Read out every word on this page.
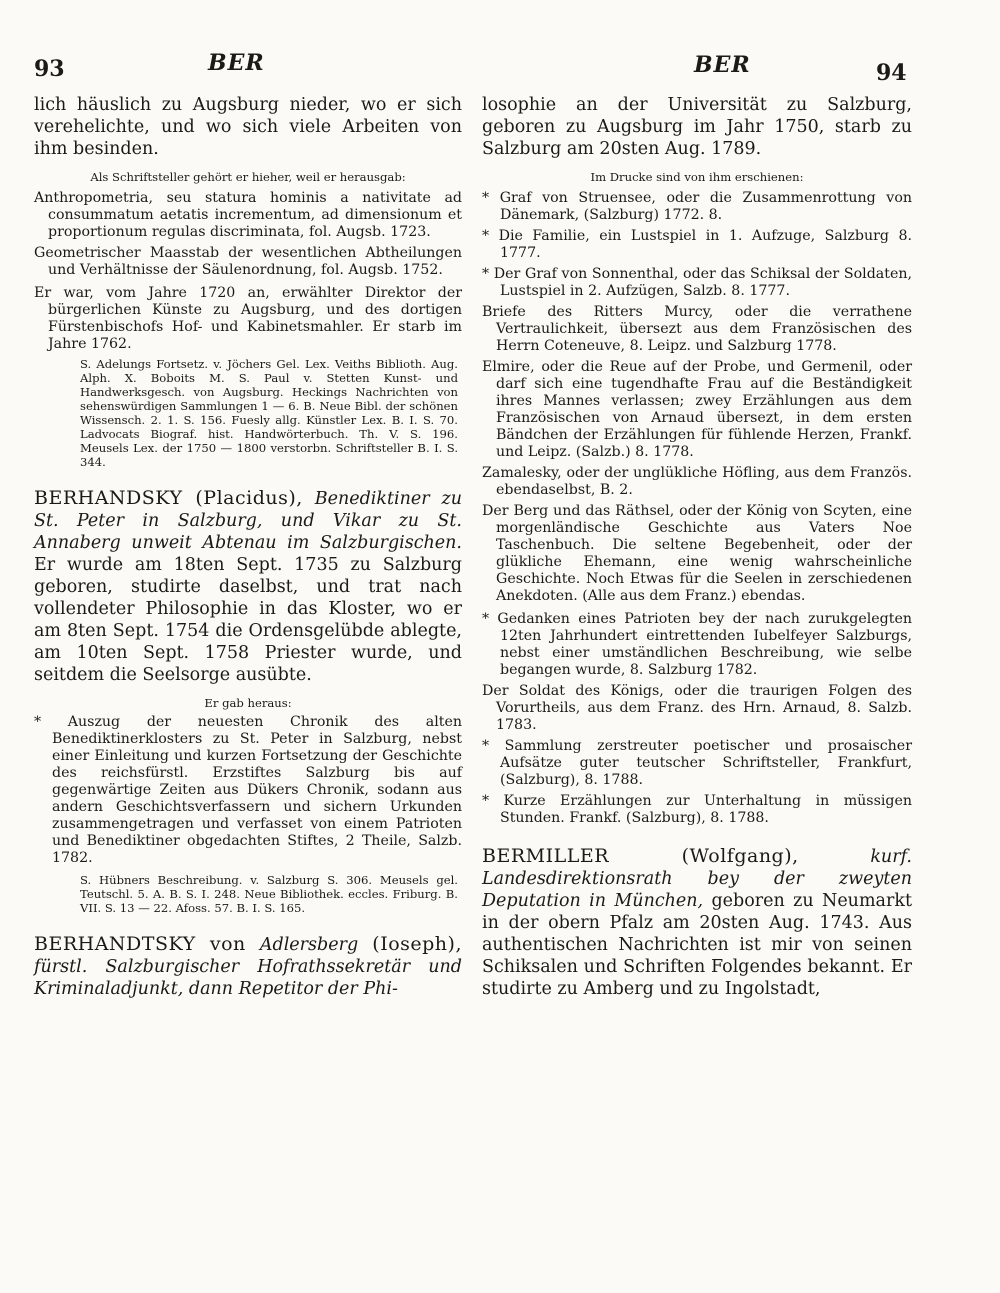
93	BER	BER	94

lich häuslich zu Augsburg nieder, wo er sich verehelichte, und wo sich viele Arbeiten von ihm besinden.

Als Schriftsteller gehört er hieher, weil er herausgab:

Anthropometria, seu statura hominis a nativitate ad consummatum aetatis incrementum, ad dimensionum et proportionum regulas discriminata, fol. Augsb. 1723.

Geometrischer Maasstab der wesentlichen Abtheilungen und Verhältnisse der Säulenordnung, fol. Augsb. 1752.

Er war, vom Jahre 1720 an, erwählter Direktor der bürgerlichen Künste zu Augsburg, und des dortigen Fürstenbischofs Hof- und Kabinetsmahler. Er starb im Jahre 1762.

S. Adelungs Fortsetz. v. Jöchers Gel. Lex. Veiths Biblioth. Aug. Alph. X. Boboits M. S. Paul v. Stetten Kunst- und Handwerksgesch. von Augsburg. Heckings Nachrichten von sehenswürdigen Sammlungen 1 — 6. B. Neue Bibl. der schönen Wissensch. 2. 1. S. 156. Fuesly allg. Künstler Lex. B. I. S. 70. Ladvocats Biograf. hist. Handwörterbuch. Th. V. S. 196. Meusels Lex. der 1750 — 1800 verstorbn. Schriftsteller B. I. S. 344.

BERHANDSKY (Placidus), Benediktiner zu St. Peter in Salzburg, und Vikar zu St. Annaberg unweit Abtenau im Salzburgischen. Er wurde am 18ten Sept. 1735 zu Salzburg geboren, studirte daselbst, und trat nach vollendeter Philosophie in das Kloster, wo er am 8ten Sept. 1754 die Ordensgelübde ablegte, am 10ten Sept. 1758 Priester wurde, und seitdem die Seelsorge ausübte.

Er gab heraus:

* Auszug der neuesten Chronik des alten Benediktinerklosters zu St. Peter in Salzburg, nebst einer Einleitung und kurzen Fortsetzung der Geschichte des reichsfürstl. Erzstiftes Salzburg bis auf gegenwärtige Zeiten aus Dükers Chronik, sodann aus andern Geschichtsverfassern und sichern Urkunden zusammengetragen und verfasset von einem Patrioten und Benediktiner obgedachten Stiftes, 2 Theile, Salzb. 1782.

S. Hübners Beschreibung. v. Salzburg S. 306. Meusels gel. Teutschl. 5. A. B. S. I. 248. Neue Bibliothek. eccles. Friburg. B. VII. S. 13 — 22. Afoss. 57. B. I. S. 165.

BERHANDTSKY von Adlersberg (Ioseph), fürstl. Salzburgischer Hofrathssekretär und Kriminaladjunkt, dann Repetitor der Phi-

losophie an der Universität zu Salzburg, geboren zu Augsburg im Jahr 1750, starb zu Salzburg am 20sten Aug. 1789.

Im Drucke sind von ihm erschienen:

* Graf von Struensee, oder die Zusammenrottung von Dänemark, (Salzburg) 1772. 8.

* Die Familie, ein Lustspiel in 1. Aufzuge, Salzburg 8. 1777.

* Der Graf von Sonnenthal, oder das Schiksal der Soldaten, Lustspiel in 2. Aufzügen, Salzb. 8. 1777.

Briefe des Ritters Murcy, oder die verrathene Vertraulichkeit, übersezt aus dem Französischen des Herrn Coteneuve, 8. Leipz. und Salzburg 1778.

Elmire, oder die Reue auf der Probe, und Germenil, oder darf sich eine tugendhafte Frau auf die Beständigkeit ihres Mannes verlassen; zwey Erzählungen aus dem Französischen von Arnaud übersezt, in dem ersten Bändchen der Erzählungen für fühlende Herzen, Frankf. und Leipz. (Salzb.) 8. 1778.

Zamalesky, oder der unglükliche Höfling, aus dem Französ. ebendaselbst, B. 2.

Der Berg und das Räthsel, oder der König von Scyten, eine morgenländische Geschichte aus Vaters Noe Taschenbuch. Die seltene Begebenheit, oder der glükliche Ehemann, eine wenig wahrscheinliche Geschichte. Noch Etwas für die Seelen in zerschiedenen Anekdoten. (Alle aus dem Franz.) ebendas.

* Gedanken eines Patrioten bey der nach zurukgelegten 12ten Jahrhundert eintrettenden Iubelfeyer Salzburgs, nebst einer umständlichen Beschreibung, wie selbe begangen wurde, 8. Salzburg 1782.

Der Soldat des Königs, oder die traurigen Folgen des Vorurtheils, aus dem Franz. des Hrn. Arnaud, 8. Salzb. 1783.

* Sammlung zerstreuter poetischer und prosaischer Aufsätze guter teutscher Schriftsteller, Frankfurt, (Salzburg), 8. 1788.

* Kurze Erzählungen zur Unterhaltung in müssigen Stunden. Frankf. (Salzburg), 8. 1788.

BERMILLER (Wolfgang),	kurf. Landesdirektionsrath bey der zweyten Deputation in München, geboren zu Neumarkt in der obern Pfalz am 20sten Aug. 1743. Aus authentischen Nachrichten ist mir von seinen Schiksalen und Schriften Folgendes bekannt. Er studirte zu Amberg und zu Ingolstadt,
